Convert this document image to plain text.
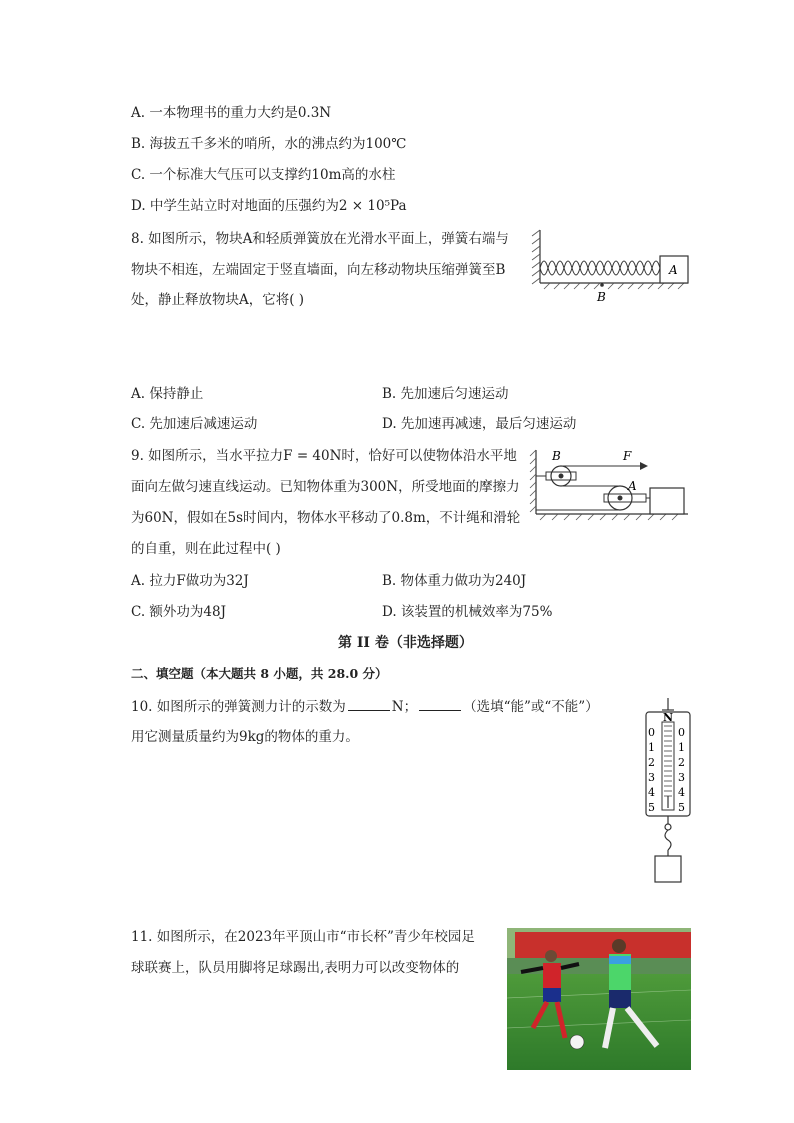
A. 一本物理书的重力大约是0.3N
B. 海拔五千多米的哨所，水的沸点约为100℃
C. 一个标准大气压可以支撑约10m高的水柱
D. 中学生站立时对地面的压强约为2 × 10⁵Pa
8. 如图所示，物块A和轻质弹簧放在光滑水平面上，弹簧右端与
物块不相连，左端固定于竖直墙面，向左移动物块压缩弹簧至B
处，静止释放物块A，它将( )
A
B
A. 保持静止	B. 先加速后匀速运动
C. 先加速后减速运动	D. 先加速再减速，最后匀速运动
9. 如图所示，当水平拉力F = 40N时，恰好可以使物体沿水平地
面向左做匀速直线运动。已知物体重为300N，所受地面的摩擦力
为60N，假如在5s时间内，物体水平移动了0.8m，不计绳和滑轮
的自重，则在此过程中( )
B	F
A
A. 拉力F做功为32J	B. 物体重力做功为240J
C. 额外功为48J	D. 该装置的机械效率为75%
第 II 卷（非选择题）
二、填空题（本大题共 8 小题，共 28.0 分）
10. 如图所示的弹簧测力计的示数为	N；	（选填“能”或“不能”）
用它测量质量约为9kg的物体的重力。
N
0
1
2
3
4
5
0
1
2
3
4
5
11. 如图所示，在2023年平顶山市“市长杯”青少年校园足
球联赛上，队员用脚将足球踢出,表明力可以改变物体的
